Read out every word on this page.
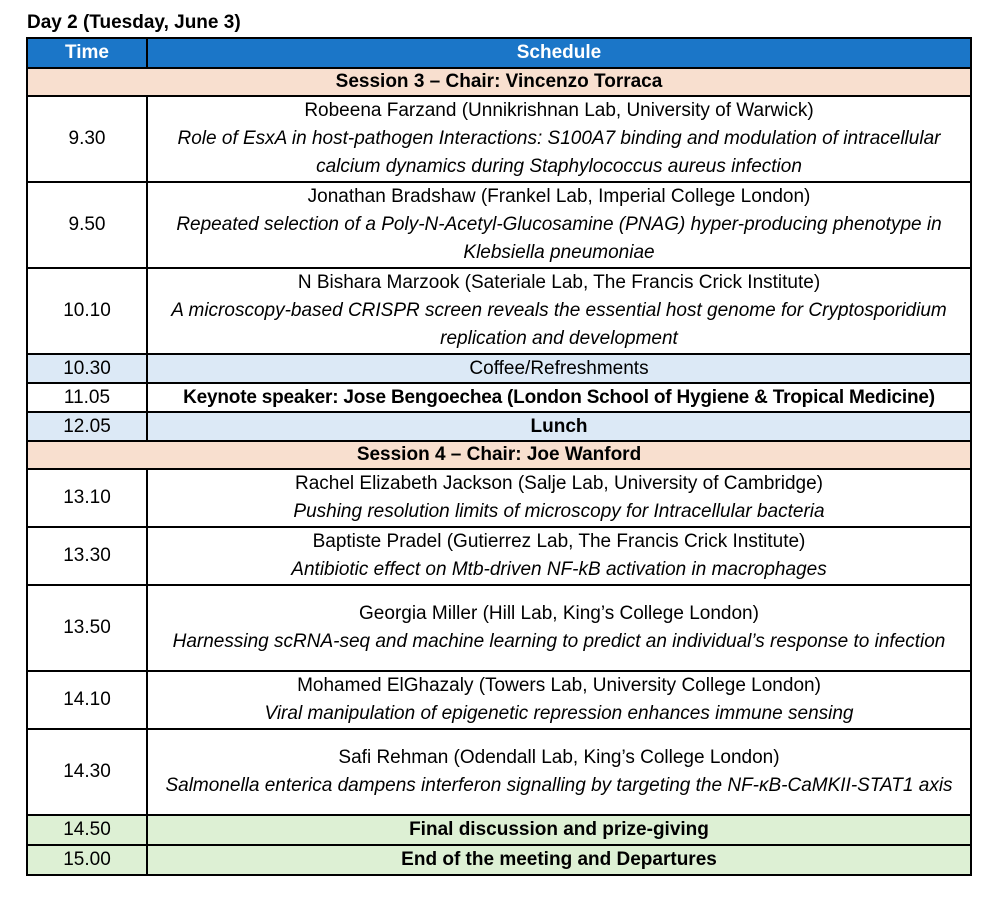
Day 2 (Tuesday, June 3)
Time	Schedule
Session 3 – Chair: Vincenzo Torraca	
9.30	Robeena Farzand (Unnikrishnan Lab, University of Warwick)
Role of EsxA in host-pathogen Interactions: S100A7 binding and modulation of intracellular calcium dynamics during Staphylococcus aureus infection

9.50	Jonathan Bradshaw (Frankel Lab, Imperial College London)
Repeated selection of a Poly-N-Acetyl-Glucosamine (PNAG) hyper-producing phenotype in Klebsiella pneumoniae

10.10	N Bishara Marzook (Sateriale Lab, The Francis Crick Institute)
A microscopy-based CRISPR screen reveals the essential host genome for Cryptosporidium replication and development

10.30	Coffee/Refreshments
11.05	Keynote speaker: Jose Bengoechea (London School of Hygiene & Tropical Medicine)
12.05	Lunch
Session 4 – Chair: Joe Wanford	
13.10	Rachel Elizabeth Jackson (Salje Lab, University of Cambridge)
Pushing resolution limits of microscopy for Intracellular bacteria

13.30	Baptiste Pradel (Gutierrez Lab, The Francis Crick Institute)
Antibiotic effect on Mtb-driven NF-kB activation in macrophages

13.50	Georgia Miller (Hill Lab, King’s College London)
Harnessing scRNA-seq and machine learning to predict an individual’s response to infection

14.10	Mohamed ElGhazaly (Towers Lab, University College London)
Viral manipulation of epigenetic repression enhances immune sensing

14.30	Safi Rehman (Odendall Lab, King’s College London)
Salmonella enterica dampens interferon signalling by targeting the NF-κB-CaMKII-STAT1 axis

14.50	Final discussion and prize-giving
15.00	End of the meeting and Departures
